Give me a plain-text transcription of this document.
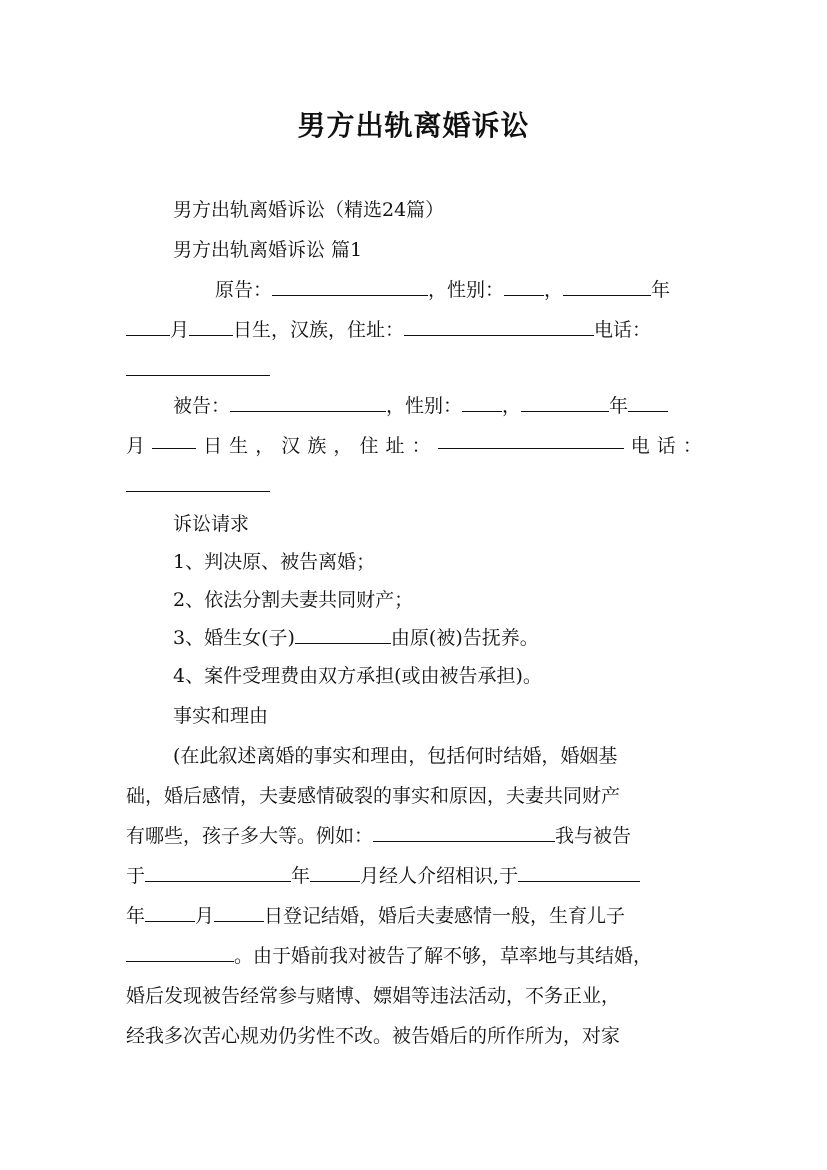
男方出轨离婚诉讼
男方出轨离婚诉讼（精选24篇）
男方出轨离婚诉讼 篇1
原告：	，性别： ，	年
月 日生，汉族，住址：	电话：
被告：	，性别： ，	年
月	日 生 ， 汉 族 ， 住 址 ：	电 话 ：
诉讼请求
1、判决原、被告离婚；
2、依法分割夫妻共同财产；
3、婚生女(子)	由原(被)告抚养。
4、案件受理费由双方承担(或由被告承担)。
事实和理由
(在此叙述离婚的事实和理由，包括何时结婚，婚姻基
础，婚后感情，夫妻感情破裂的事实和原因，夫妻共同财产
有哪些，孩子多大等。例如：	我与被告
于	年	月经人介绍相识,于
年	月	日登记结婚，婚后夫妻感情一般，生育儿子
。由于婚前我对被告了解不够，草率地与其结婚，
婚后发现被告经常参与赌博、嫖娼等违法活动，不务正业，
经我多次苦心规劝仍劣性不改。被告婚后的所作所为，对家
